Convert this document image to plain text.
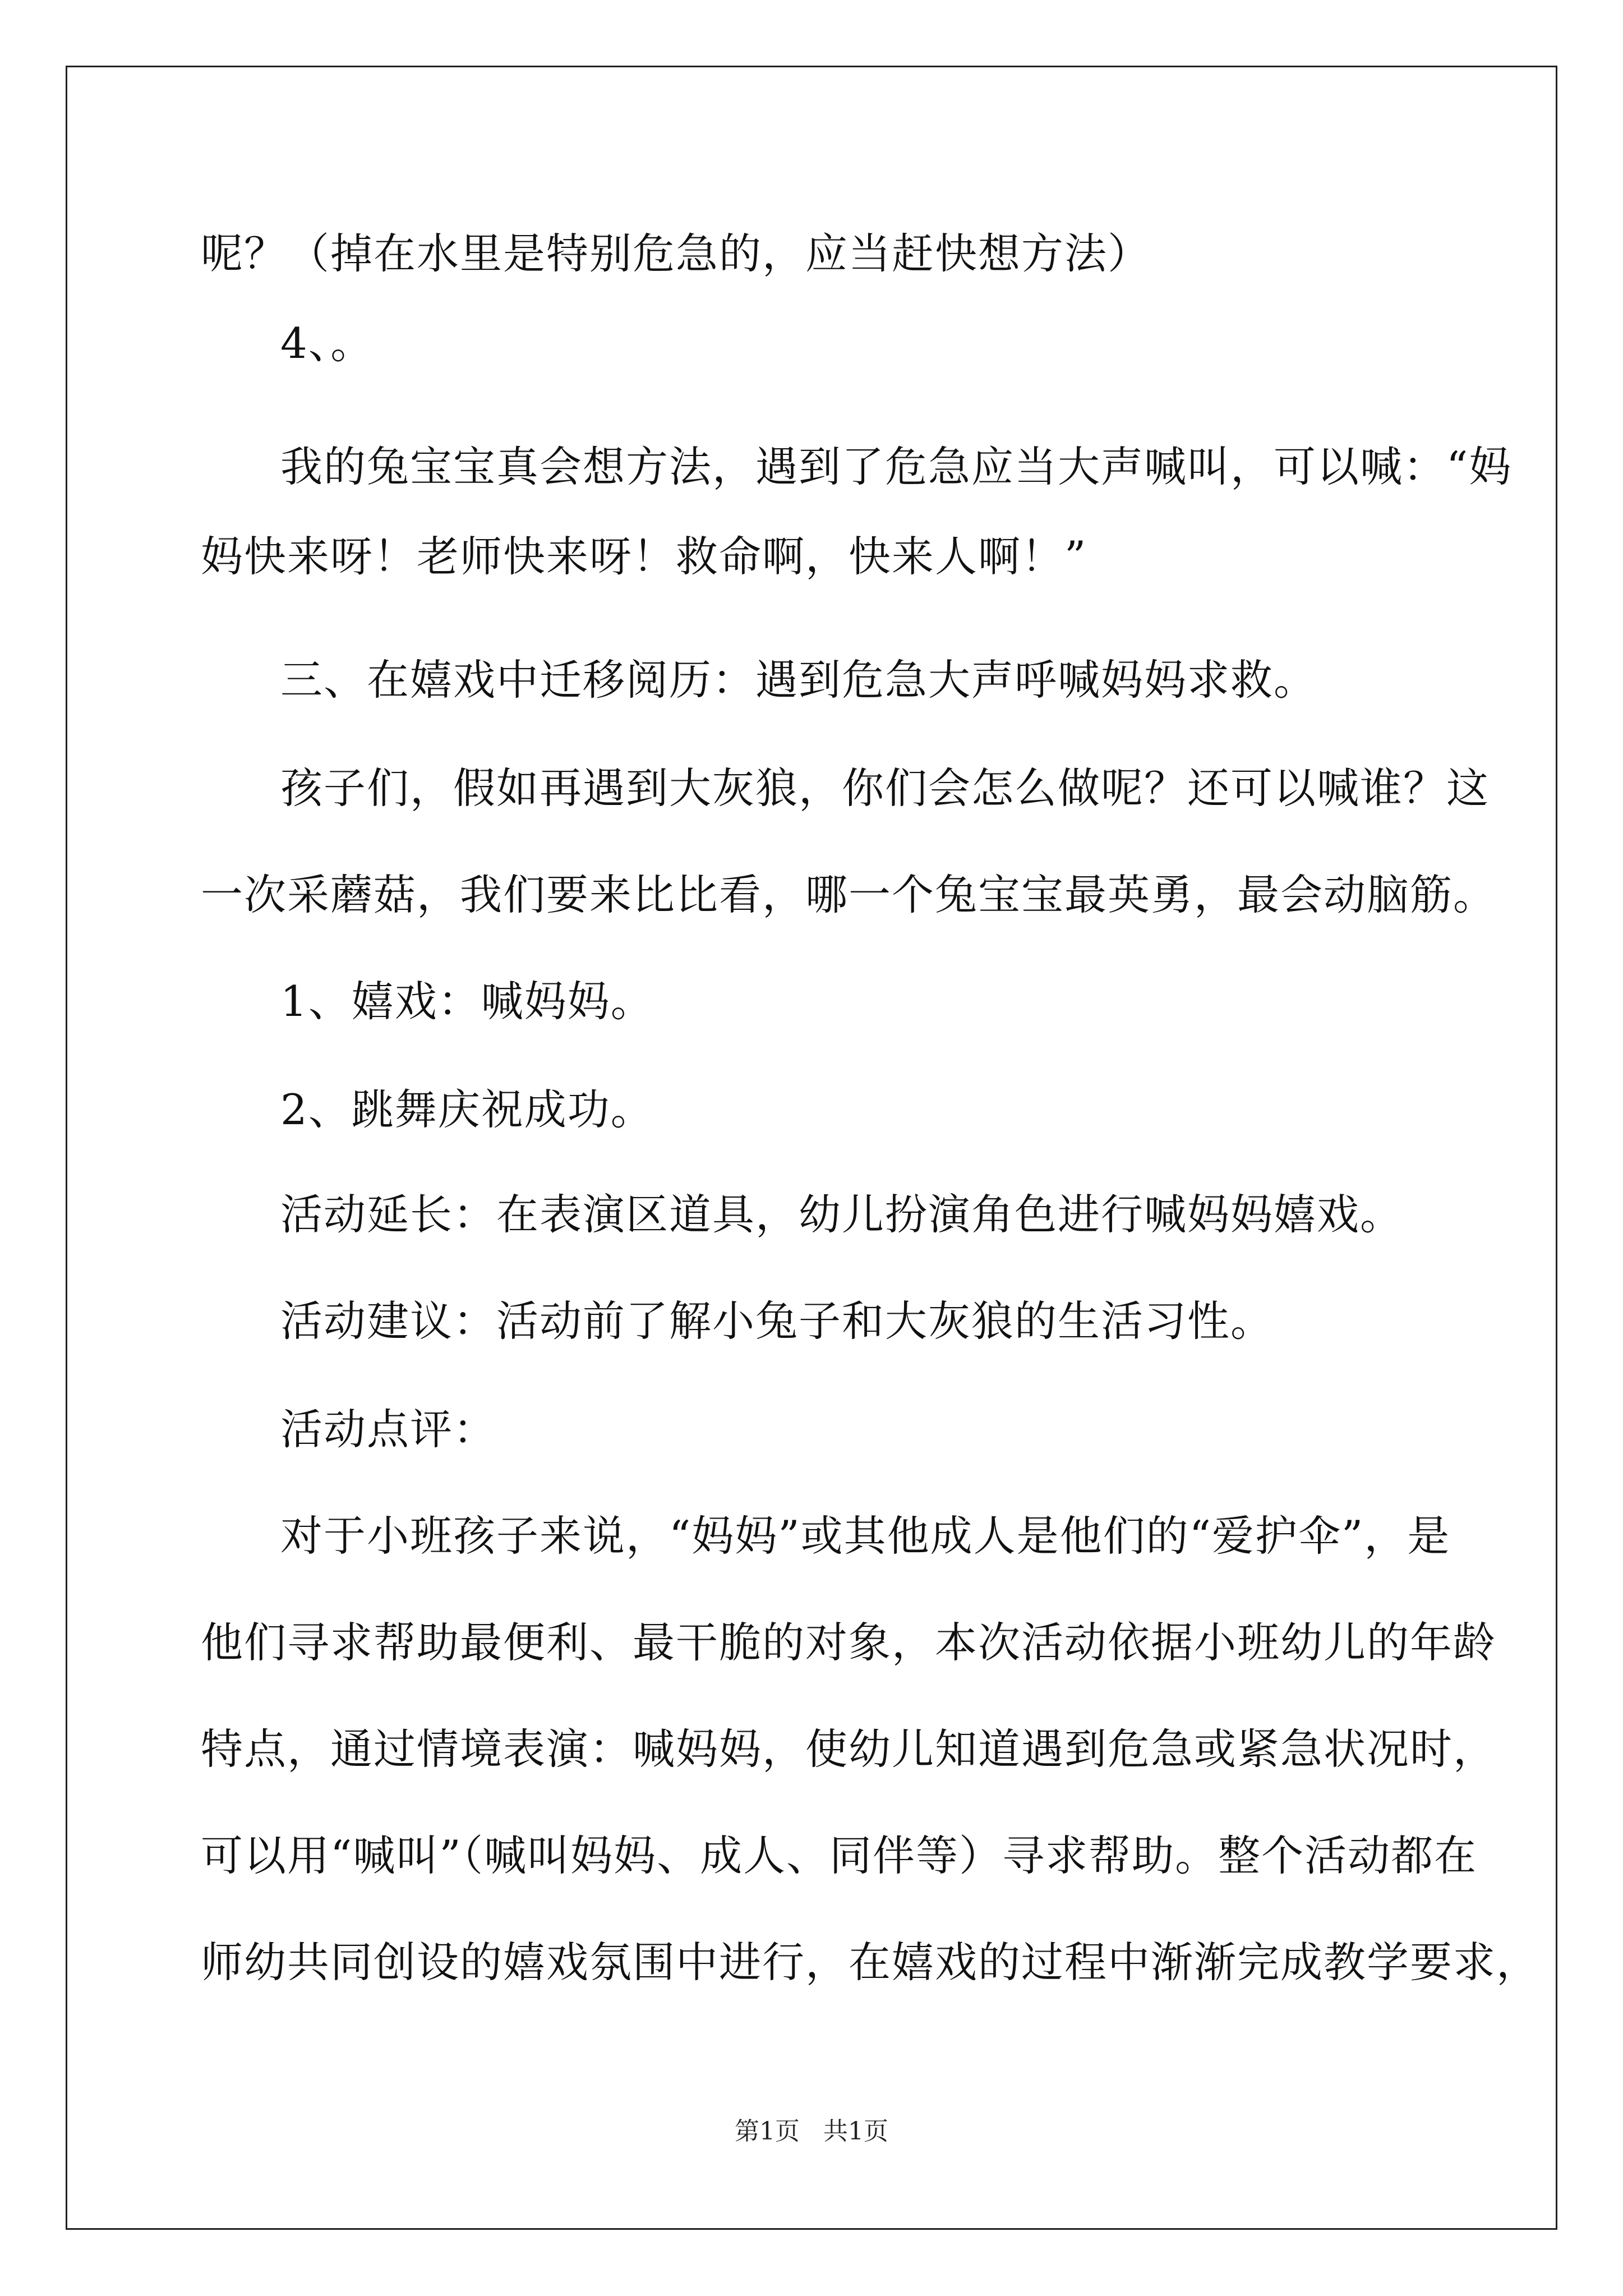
呢？（掉在水里是特别危急的，应当赶快想方法）
4、。
我的兔宝宝真会想方法，遇到了危急应当大声喊叫，可以喊：“妈
妈快来呀！老师快来呀！救命啊，快来人啊！”
三、在嬉戏中迁移阅历：遇到危急大声呼喊妈妈求救。
孩子们，假如再遇到大灰狼，你们会怎么做呢？还可以喊谁？这
一次采蘑菇，我们要来比比看，哪一个兔宝宝最英勇，最会动脑筋。
1、嬉戏：喊妈妈。
2、跳舞庆祝成功。
活动延长：在表演区道具，幼儿扮演角色进行喊妈妈嬉戏。
活动建议：活动前了解小兔子和大灰狼的生活习性。
活动点评：
对于小班孩子来说，“妈妈”或其他成人是他们的“爱护伞”，是
他们寻求帮助最便利、最干脆的对象，本次活动依据小班幼儿的年龄
特点，通过情境表演：喊妈妈，使幼儿知道遇到危急或紧急状况时，
可以用“喊叫”（喊叫妈妈、成人、同伴等）寻求帮助。整个活动都在
师幼共同创设的嬉戏氛围中进行，在嬉戏的过程中渐渐完成教学要求，
第1页   共1页
